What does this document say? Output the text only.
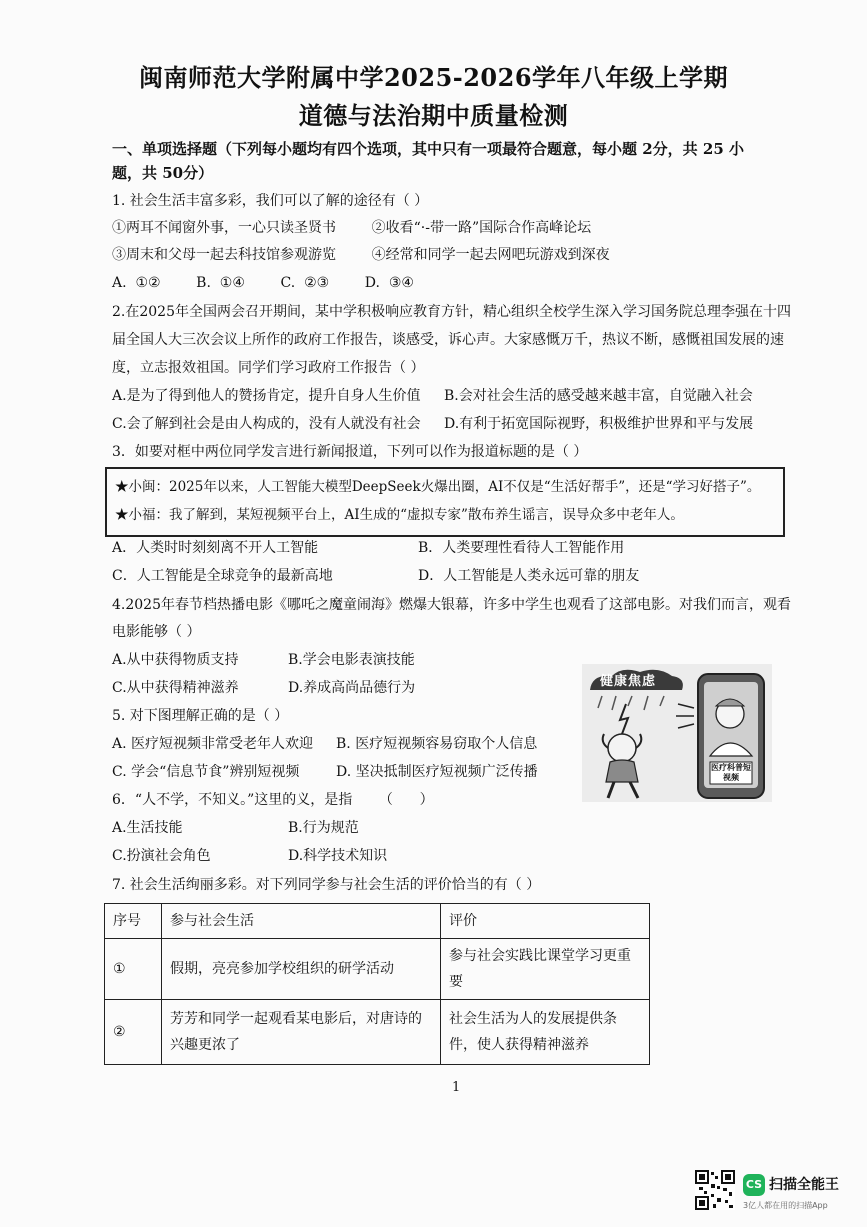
闽南师范大学附属中学2025-2026学年八年级上学期
道德与法治期中质量检测
一、单项选择题（下列每小题均有四个选项，其中只有一项最符合题意，每小题 2分，共 25 小
题，共 50分）
1. 社会生活丰富多彩，我们可以了解的途径有（ ）
①两耳不闻窗外事，一心只读圣贤书        ②收看“·-带一路”国际合作高峰论坛
③周末和父母一起去科技馆参观游览        ④经常和同学一起去网吧玩游戏到深夜
A.  ①②        B.  ①④        C.  ②③        D.  ③④
2.在2025年全国两会召开期间，某中学积极响应教育方针，精心组织全校学生深入学习国务院总理李强在十四
届全国人大三次会议上所作的政府工作报告，谈感受，诉心声。大家感慨万千，热议不断，感慨祖国发展的速
度，立志报效祖国。同学们学习政府工作报告（ ）
A.是为了得到他人的赞扬肯定，提升自身人生价值 B.会对社会生活的感受越来越丰富，自觉融入社会
C.会了解到社会是由人构成的，没有人就没有社会 D.有利于拓宽国际视野，积极维护世界和平与发展
3．如要对框中两位同学发言进行新闻报道，下列可以作为报道标题的是（ ）
★小闽：2025年以来，人工智能大模型DeepSeek火爆出圈，AI不仅是“生活好帮手”，还是“学习好搭子”。
★小福：我了解到，某短视频平台上，AI生成的“虚拟专家”散布养生谣言，误导众多中老年人。
A．人类时时刻刻离不开人工智能	B．人类要理性看待人工智能作用
C．人工智能是全球竞争的最新高地	D．人工智能是人类永远可靠的朋友
4.2025年春节档热播电影《哪吒之魔童闹海》燃爆大银幕，许多中学生也观看了这部电影。对我们而言，观看
电影能够（ ）
A.从中获得物质支持	B.学会电影表演技能
C.从中获得精神滋养	D.养成高尚品德行为	健康焦虑
医疗科普短视频
5. 对下图理解正确的是（ ）
A. 医疗短视频非常受老年人欢迎 B. 医疗短视频容易窃取个人信息
C. 学会“信息节食”辨别短视频	D. 坚决抵制医疗短视频广泛传播
6．“人不学，不知义。”这里的义，是指      （      ）
A.生活技能	B.行为规范
C.扮演社会角色	D.科学技术知识
7. 社会生活绚丽多彩。对下列同学参与社会生活的评价恰当的有（ ）
序号	参与社会生活	评价
①	假期，亮亮参加学校组织的研学活动	参与社会实践比课堂学习更重要
②	芳芳和同学一起观看某电影后，对唐诗的兴趣更浓了	社会生活为人的发展提供条件，使人获得精神滋养
1
CS 扫描全能王
3亿人都在用的扫描App
